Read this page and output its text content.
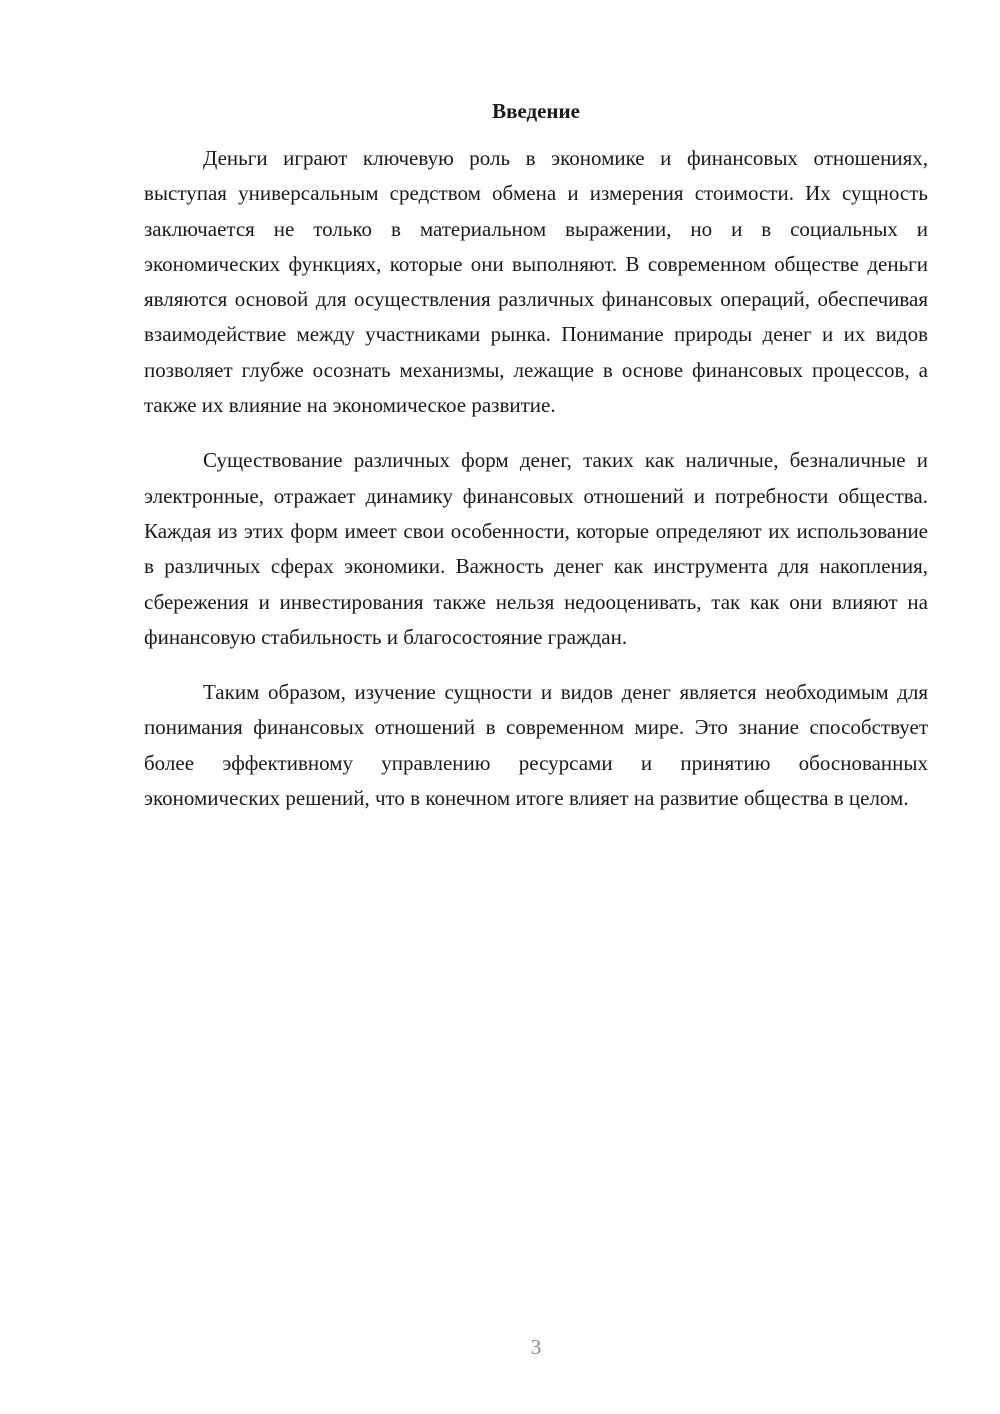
Введение

Деньги играют ключевую роль в экономике и финансовых отношениях, выступая универсальным средством обмена и измерения стоимости. Их сущность заключается не только в материальном выражении, но и в социальных и экономических функциях, которые они выполняют. В современном обществе деньги являются основой для осуществления различных финансовых операций, обеспечивая взаимодействие между участниками рынка. Понимание природы денег и их видов позволяет глубже осознать механизмы, лежащие в основе финансовых процессов, а также их влияние на экономическое развитие.

Существование различных форм денег, таких как наличные, безналичные и электронные, отражает динамику финансовых отношений и потребности общества. Каждая из этих форм имеет свои особенности, которые определяют их использование в различных сферах экономики. Важность денег как инструмента для накопления, сбережения и инвестирования также нельзя недооценивать, так как они влияют на финансовую стабильность и благосостояние граждан.

Таким образом, изучение сущности и видов денег является необходимым для понимания финансовых отношений в современном мире. Это знание способствует более эффективному управлению ресурсами и принятию обоснованных экономических решений, что в конечном итоге влияет на развитие общества в целом.

3
